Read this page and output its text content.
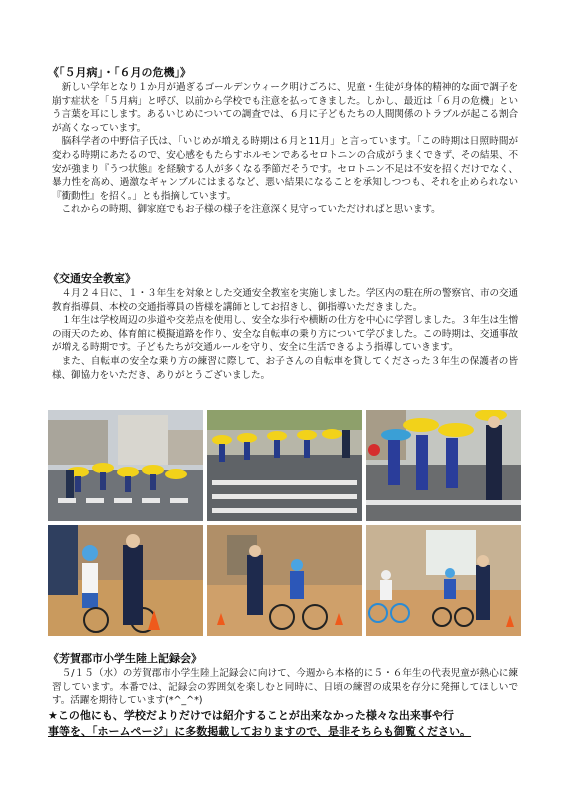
《「５月病」・「６月の危機」》

新しい学年となり１か月が過ぎるゴールデンウィーク明けごろに、児童・生徒が身体的精神的な面で調子を崩す症状を「５月病」と呼び、以前から学校でも注意を払ってきました。しかし、最近は「６月の危機」という言葉を耳にします。あるいじめについての調査では、６月に子どもたちの人間関係のトラブルが起こる割合が高くなっています。

脳科学者の中野信子氏は、「いじめが増える時期は６月と11月」と言っています。「この時期は日照時間が変わる時期にあたるので、安心感をもたらすホルモンであるセロトニンの合成がうまくできず、その結果、不安が強まり『うつ状態』を経験する人が多くなる季節だそうです。セロトニン不足は不安を招くだけでなく、暴力性を高め、過激なギャンブルにはまるなど、悪い結果になることを承知しつつも、それを止められない『衝動性』を招く。」とも指摘しています。

これからの時期、御家庭でもお子様の様子を注意深く見守っていただければと思います。

《交通安全教室》

４月２４日に、１・３年生を対象とした交通安全教室を実施しました。学区内の駐在所の警察官、市の交通教育指導員、本校の交通指導員の皆様を講師としてお招きし、御指導いただきました。

１年生は学校周辺の歩道や交差点を使用し、安全な歩行や横断の仕方を中心に学習しました。３年生は生憎の雨天のため、体育館に模擬道路を作り、安全な自転車の乗り方について学びました。この時期は、交通事故が増える時期です。子どもたちが交通ルールを守り、安全に生活できるよう指導していきます。

また、自転車の安全な乗り方の練習に際して、お子さんの自転車を貸してくださった３年生の保護者の皆様、御協力をいただき、ありがとうございました。

《芳賀郡市小学生陸上記録会》

５/１５（水）の芳賀郡市小学生陸上記録会に向けて、今週から本格的に５・６年生の代表児童が熱心に練習しています。本番では、記録会の雰囲気を楽しむと同時に、日頃の練習の成果を存分に発揮してほしいです。活躍を期待しています(*^_^*)

★この他にも、学校だよりだけでは紹介することが出来なかった様々な出来事や行
事等を、「ホームページ」に多数掲載しておりますので、是非そちらも御覧ください。
